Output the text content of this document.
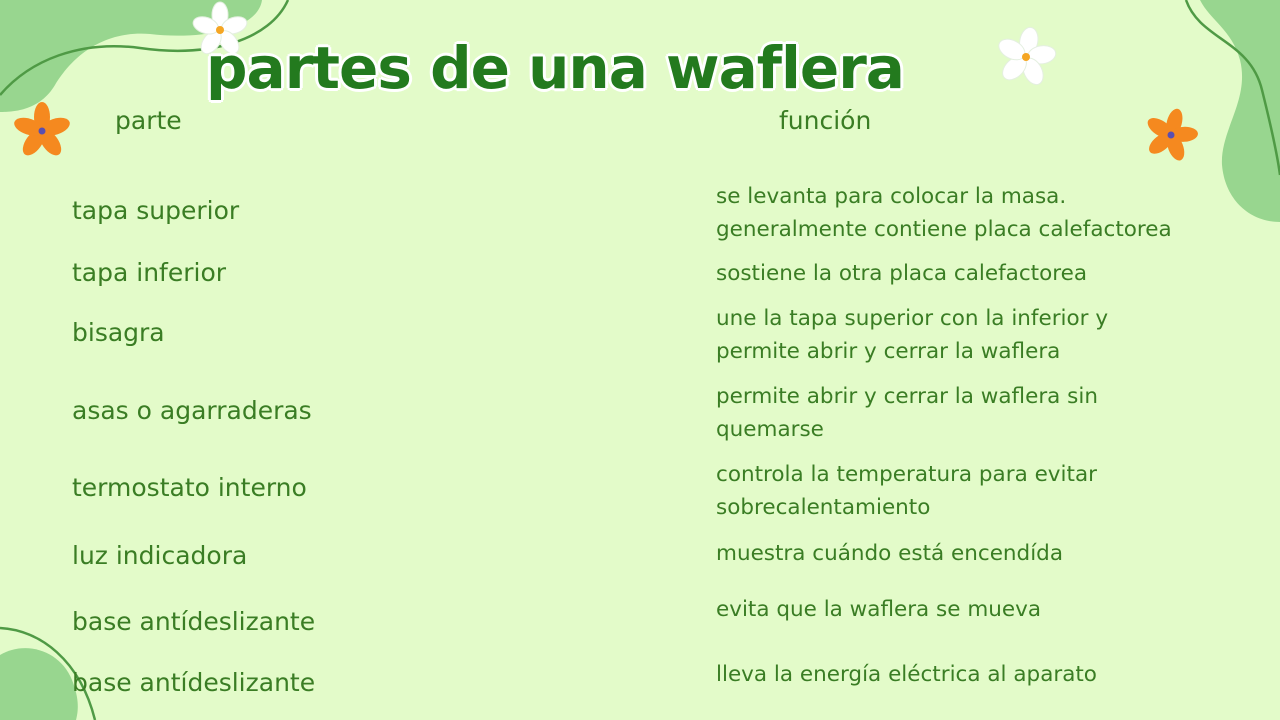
partes de una waflera
parte	función
tapa superior	se levanta para colocar la masa.
generalmente contiene placa calefactorea
tapa inferior	sostiene la otra placa calefactorea
bisagra	une la tapa superior con la inferior y
permite abrir y cerrar la waflera
asas o agarraderas	permite abrir y cerrar la waflera sin
quemarse
termostato interno	controla la temperatura para evitar
sobrecalentamiento
luz indicadora	muestra cuándo está encendída
base antídeslizante	evita que la waflera se mueva
base antídeslizante	lleva la energía eléctrica al aparato
